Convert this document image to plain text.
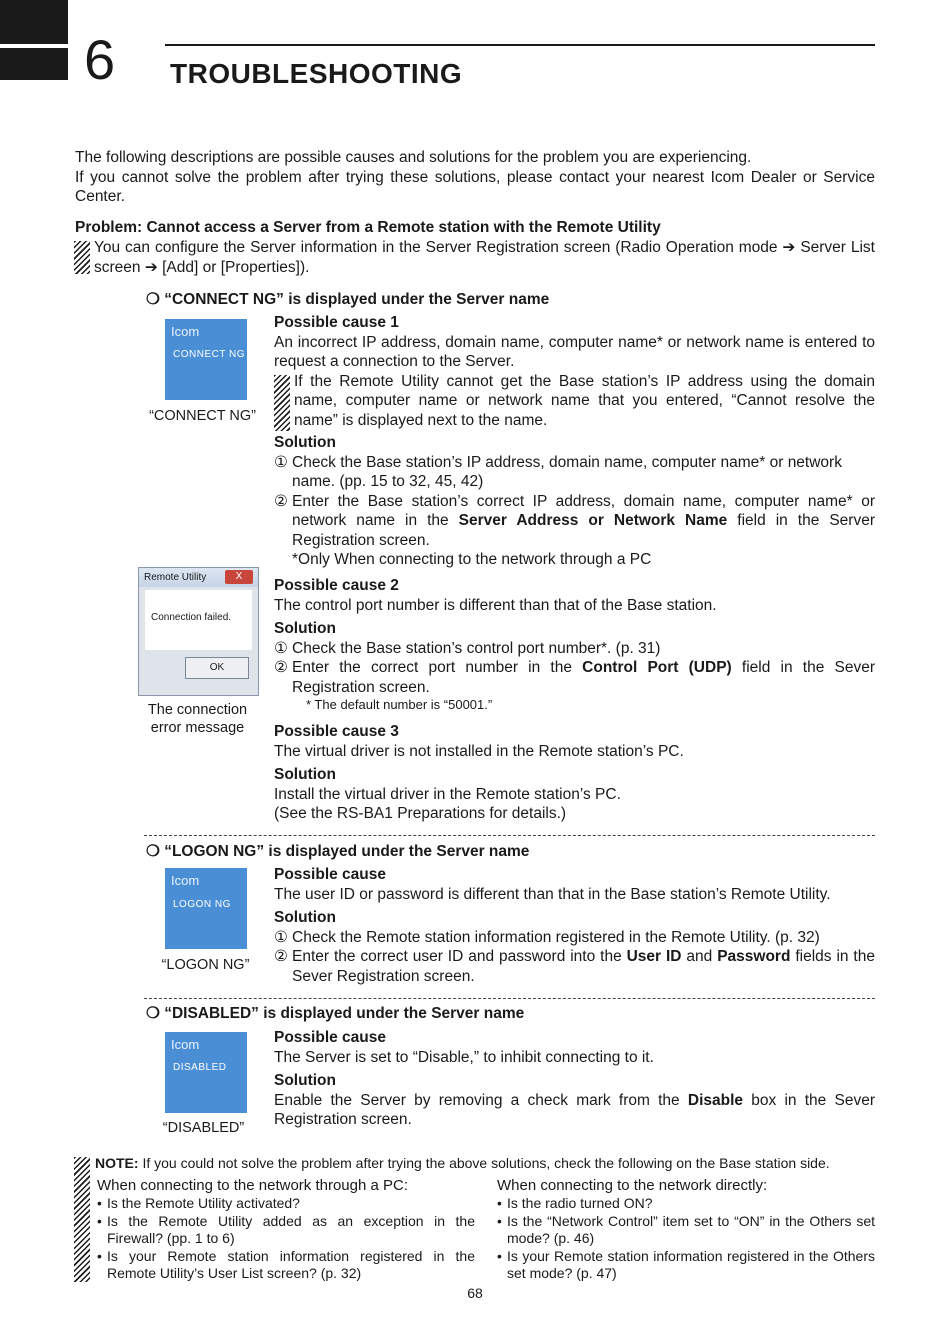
6 TROUBLESHOOTING

The following descriptions are possible causes and solutions for the problem you are experiencing.

If you cannot solve the problem after trying these solutions, please contact your nearest Icom Dealer or Service Center.

Problem: Cannot access a Server from a Remote station with the Remote Utility
You can configure the Server information in the Server Registration screen (Radio Operation mode ➔ Server List screen ➔ [Add] or [Properties]).
❍ “CONNECT NG” is displayed under the Server name
Icom
CONNECT NG
“CONNECT NG”

Possible cause 1

An incorrect IP address, domain name, computer name* or network name is entered to request a connection to the Server.

If the Remote Utility cannot get the Base station’s IP address using the domain name, computer name or network name that you entered, “Cannot resolve the name” is displayed next to the name.

Solution

① Check the Base station’s IP address, domain name, computer name* or network name. (pp. 15 to 32, 45, 42)
② Enter the Base station’s correct IP address, domain name, computer name* or network name in the Server Address or Network Name field in the Server Registration screen.

*Only When connecting to the network through a PC

Remote Utility	X
Connection failed.
OK

The connection

error message

Possible cause 2

The control port number is different than that of the Base station.

Solution

① Check the Base station’s control port number*. (p. 31)
② Enter the correct port number in the Control Port (UDP) field in the Sever Registration screen.

* The default number is “50001.”

Possible cause 3

The virtual driver is not installed in the Remote station’s PC.

Solution

Install the virtual driver in the Remote station’s PC.

(See the RS-BA1 Preparations for details.)

❍ “LOGON NG” is displayed under the Server name
Icom
LOGON NG
“LOGON NG”

Possible cause

The user ID or password is different than that in the Base station’s Remote Utility.

Solution

① Check the Remote station information registered in the Remote Utility. (p. 32)
② Enter the correct user ID and password into the User ID and Password fields in the Sever Registration screen.
❍ “DISABLED” is displayed under the Server name
Icom
DISABLED
“DISABLED”

Possible cause

The Server is set to “Disable,” to inhibit connecting to it.

Solution

Enable the Server by removing a check mark from the Disable box in the Sever Registration screen.

NOTE: If you could not solve the problem after trying the above solutions, check the following on the Base station side.

When connecting to the network through a PC:

• Is the Remote Utility activated?
• Is the Remote Utility added as an exception in the Firewall? (pp. 1 to 6)
• Is your Remote station information registered in the Remote Utility’s User List screen? (p. 32)

When connecting to the network directly:

• Is the radio turned ON?
• Is the “Network Control” item set to “ON” in the Others set mode? (p. 46)
• Is your Remote station information registered in the Others set mode? (p. 47)
68
